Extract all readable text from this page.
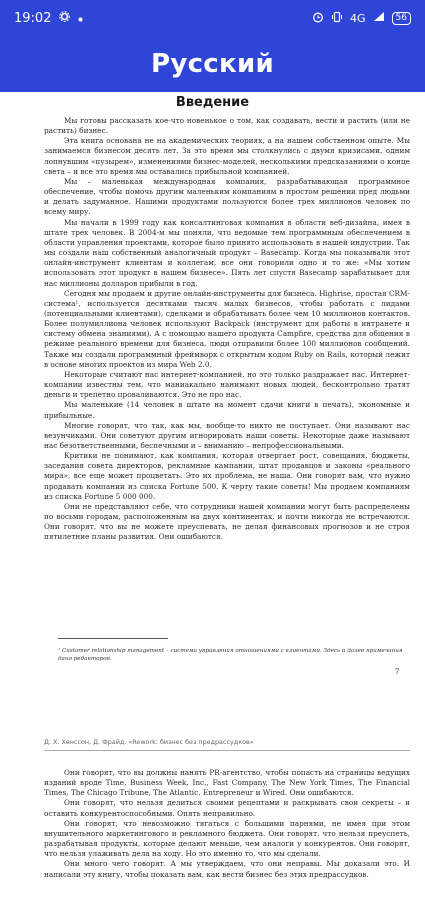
19:02	4G	56
Русский
Введение

Мы готовы рассказать кое-что новенькое о том, как создавать, вести и растить (или не растить) бизнес.

Эта книга основана не на академических теориях, а на нашем собственном опыте. Мы занимаемся бизнесом десять лет. За это время мы столкнулись с двумя кризисами, одним лопнувшим «пузырем», изменениями бизнес-моделей, несколькими предсказаниями о конце света – и все это время мы оставались прибыльной компанией.

Мы – маленькая международная компания, разрабатывающая программное обеспечение, чтобы помочь другим маленьким компаниям в простом решении пред людьми и делать задуманное. Нашими продуктами пользуются более трех миллионов человек по всему миру.

Мы начали в 1999 году как консалтинговая компания в области веб-дизайна, имея в штате трех человек. В 2004-м мы поняли, что ведомые тем программным обеспечением в области управления проектами, которое было принято использовать в нашей индустрии. Так мы создали наш собственный аналогичный продукт – Basecamp. Когда мы показывали этот онлайн-инструмент клиентам и коллегам, все они говорили одно и то же: «Мы хотим использовать этот продукт в нашем бизнесе». Пять лет спустя Basecamp зарабатывает для нас миллионы долларов прибыли в год.

Сегодня мы продаем и другие онлайн-инструменты для бизнеса. Highrise, простая CRM-система¹, используется десятками тысяч малых бизнесов, чтобы работать с лидами (потенциальными клиентами), сделками и обрабатывать более чем 10 миллионов контактов. Более полумиллиона человек используют Backpack (инструмент для работы в интранете и систему обмена знаниями). А с помощью нашего продукта Campfire, средства для общения в режиме реального времени для бизнеса, люди отправили более 100 миллионов сообщений. Также мы создали программный фреймворк с открытым кодом Ruby on Rails, который лежит в основе многих проектов из мира Web 2.0.

Некоторые считают нас интернет-компанией, но это только раздражает нас. Интернет-компании известны тем, что маниакально нанимают новых людей, бесконтрольно тратят деньги и трепетно проваливаются. Это не про нас.

Мы маленькие (14 человек в штате на момент сдачи книги в печать), экономные и прибыльные.

Многие говорят, что так, как мы, вообще-то никто не поступает. Они называют нас везунчиками. Они советуют другим игнорировать наши советы. Некоторые даже называют нас безответственными, беспечными и – вниманию – непрофессиональными.

Критики не понимают, как компания, которая отвергает рост, совещания, бюджеты, заседания совета директоров, рекламные кампании, штат продавцов и законы «реального мира», все еще может процветать. Это их проблема, не наша. Они говорят вам, что нужно продавать компании из списка Fortune 500. К черту такие советы! Мы продаем компаниям из списка Fortune 5 000 000.

Они не представляют себе, что сотрудники нашей компании могут быть распределены по восьми городам, расположенным на двух континентах, и почти никогда не встречаются. Они говорят, что вы не можете преуспевать, не делая финансовых прогнозов и не строя пятилетние планы развития. Они ошибаются.

¹ Customer relationship management – система управления отношениями с клиентами. Здесь и далее примечания дано редакторов.
7
Д. Х. Хенссон, Д. Фрайд. «Rework: бизнес без предрассудков»

Они говорят, что вы должны нанять PR-агентство, чтобы попасть на страницы ведущих изданий вроде Time, Business Week, Inc., Fast Company, The New York Times, The Financial Times, The Chicago Tribune, The Atlantic, Entrepreneur и Wired. Они ошибаются.

Они говорят, что нельзя делиться своими рецептами и раскрывать свои секреты – и оставить конкурентоспособными. Опять неправильно.

Они говорят, что невозможно тягаться с большими парнями, не имея при этом внушительного маркетингового и рекламного бюджета. Они говорят, что нельзя преуспеть, разрабатывая продукты, которые делают меньше, чем аналоги у конкурентов. Они говорят, что нельзя улаживать дела на ходу. Но это именно то, что мы сделали.

Они много чего говорят. А мы утверждаем, что они неправы. Мы доказали это. И написали эту книгу, чтобы показать вам, как вести бизнес без этих предрассудков.
